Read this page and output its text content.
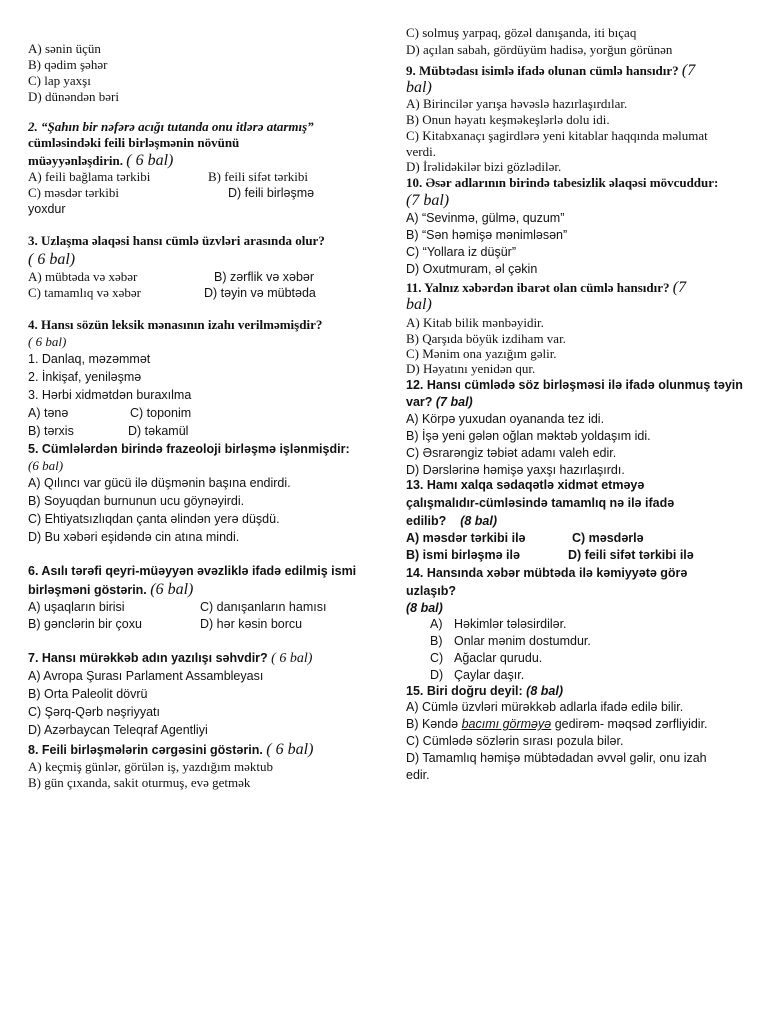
A) sənin üçün
B) qədim şəhər
C) lap yaxşı
D) dünəndən bəri
2. “Şahın bir nəfərə acığı tutanda onu itlərə atarmış”
cümləsindəki feili birləşmənin növünü
müəyyənləşdirin. ( 6 bal)
A) feili bağlama tərkibi	B) feili sifət tərkibi
C) məsdər tərkibi	D) feili birləşmə
yoxdur
3. Uzlaşma əlaqəsi hansı cümlə üzvləri arasında olur?
( 6 bal)
A) mübtəda və xəbər	B) zərflik və xəbər
C) tamamlıq və xəbər	D) təyin və mübtəda
4. Hansı sözün leksik mənasının izahı verilməmişdir?
( 6 bal)
1. Danlaq, məzəmmət
2. İnkişaf, yeniləşmə
3. Hərbi xidmətdən buraxılma
A) tənə	C) toponim
B) tərxis	D) təkamül
5. Cümlələrdən birində frazeoloji birləşmə işlənmişdir:
(6 bal)
A) Qılıncı var gücü ilə düşmənin başına endirdi.
B) Soyuqdan burnunun ucu göynəyirdi.
C) Ehtiyatsızlıqdan çanta əlindən yerə düşdü.
D) Bu xəbəri eşidəndə cin atına mindi.
6. Asılı tərəfi qeyri-müəyyən əvəzliklə ifadə edilmiş ismi
birləşməni göstərin. (6 bal)
A) uşaqların birisi	C) danışanların hamısı
B) gənclərin bir çoxu	D) hər kəsin borcu
7. Hansı mürəkkəb adın yazılışı səhvdir? ( 6 bal)
A) Avropa Şurası Parlament Assambleyası
B) Orta Paleolit dövrü
C) Şərq-Qərb nəşriyyatı
D) Azərbaycan Teleqraf Agentliyi
8. Feili birləşmələrin cərgəsini göstərin. ( 6 bal)
A) keçmiş günlər, görülən iş, yazdığım məktub
B) gün çıxanda, sakit oturmuş, evə getmək
C) solmuş yarpaq, gözəl danışanda, iti bıçaq
D) açılan sabah, gördüyüm hadisə, yorğun görünən
9. Mübtədası isimlə ifadə olunan cümlə hansıdır? (7
bal)
A) Birincilər yarışa həvəslə hazırlaşırdılar.
B) Onun həyatı keşməkeşlərlə dolu idi.
C) Kitabxanaçı şagirdlərə yeni kitablar haqqında məlumat
verdi.
D) İrəlidəkilər bizi gözlədilər.
10. Əsər adlarının birində tabesizlik əlaqəsi mövcuddur:
(7 bal)
A) “Sevinmə, gülmə, quzum”
B) “Sən həmişə mənimləsən”
C) “Yollara iz düşür”
D) Oxutmuram, əl çəkin
11. Yalnız xəbərdən ibarət olan cümlə hansıdır? (7
bal)
A) Kitab bilik mənbəyidir.
B) Qarşıda böyük izdiham var.
C) Mənim ona yazığım gəlir.
D) Həyatını yenidən qur.
12. Hansı cümlədə söz birləşməsi ilə ifadə olunmuş təyin
var? (7 bal)
A) Körpə yuxudan oyananda tez idi.
B) İşə yeni gələn oğlan məktəb yoldaşım idi.
C) Əsrarəngiz təbiət adamı valeh edir.
D) Dərslərinə həmişə yaxşı hazırlaşırdı.
13. Hamı xalqa sədaqətlə xidmət etməyə
çalışmalıdır-cümləsində tamamlıq nə ilə ifadə
edilib? (8 bal)
A) məsdər tərkibi ilə	C) məsdərlə
B) ismi birləşmə ilə	D) feili sifət tərkibi ilə
14. Hansında xəbər mübtəda ilə kəmiyyətə görə
uzlaşıb?
(8 bal)
A) Həkimlər tələsirdilər.
B) Onlar mənim dostumdur.
C) Ağaclar qurudu.
D) Çaylar daşır.
15. Biri doğru deyil: (8 bal)
A) Cümlə üzvləri mürəkkəb adlarla ifadə edilə bilir.
B) Kəndə bacımı görməyə gedirəm- məqsəd zərfliyidir.
C) Cümlədə sözlərin sırası pozula bilər.
D) Tamamlıq həmişə mübtədadan əvvəl gəlir, onu izah
edir.
